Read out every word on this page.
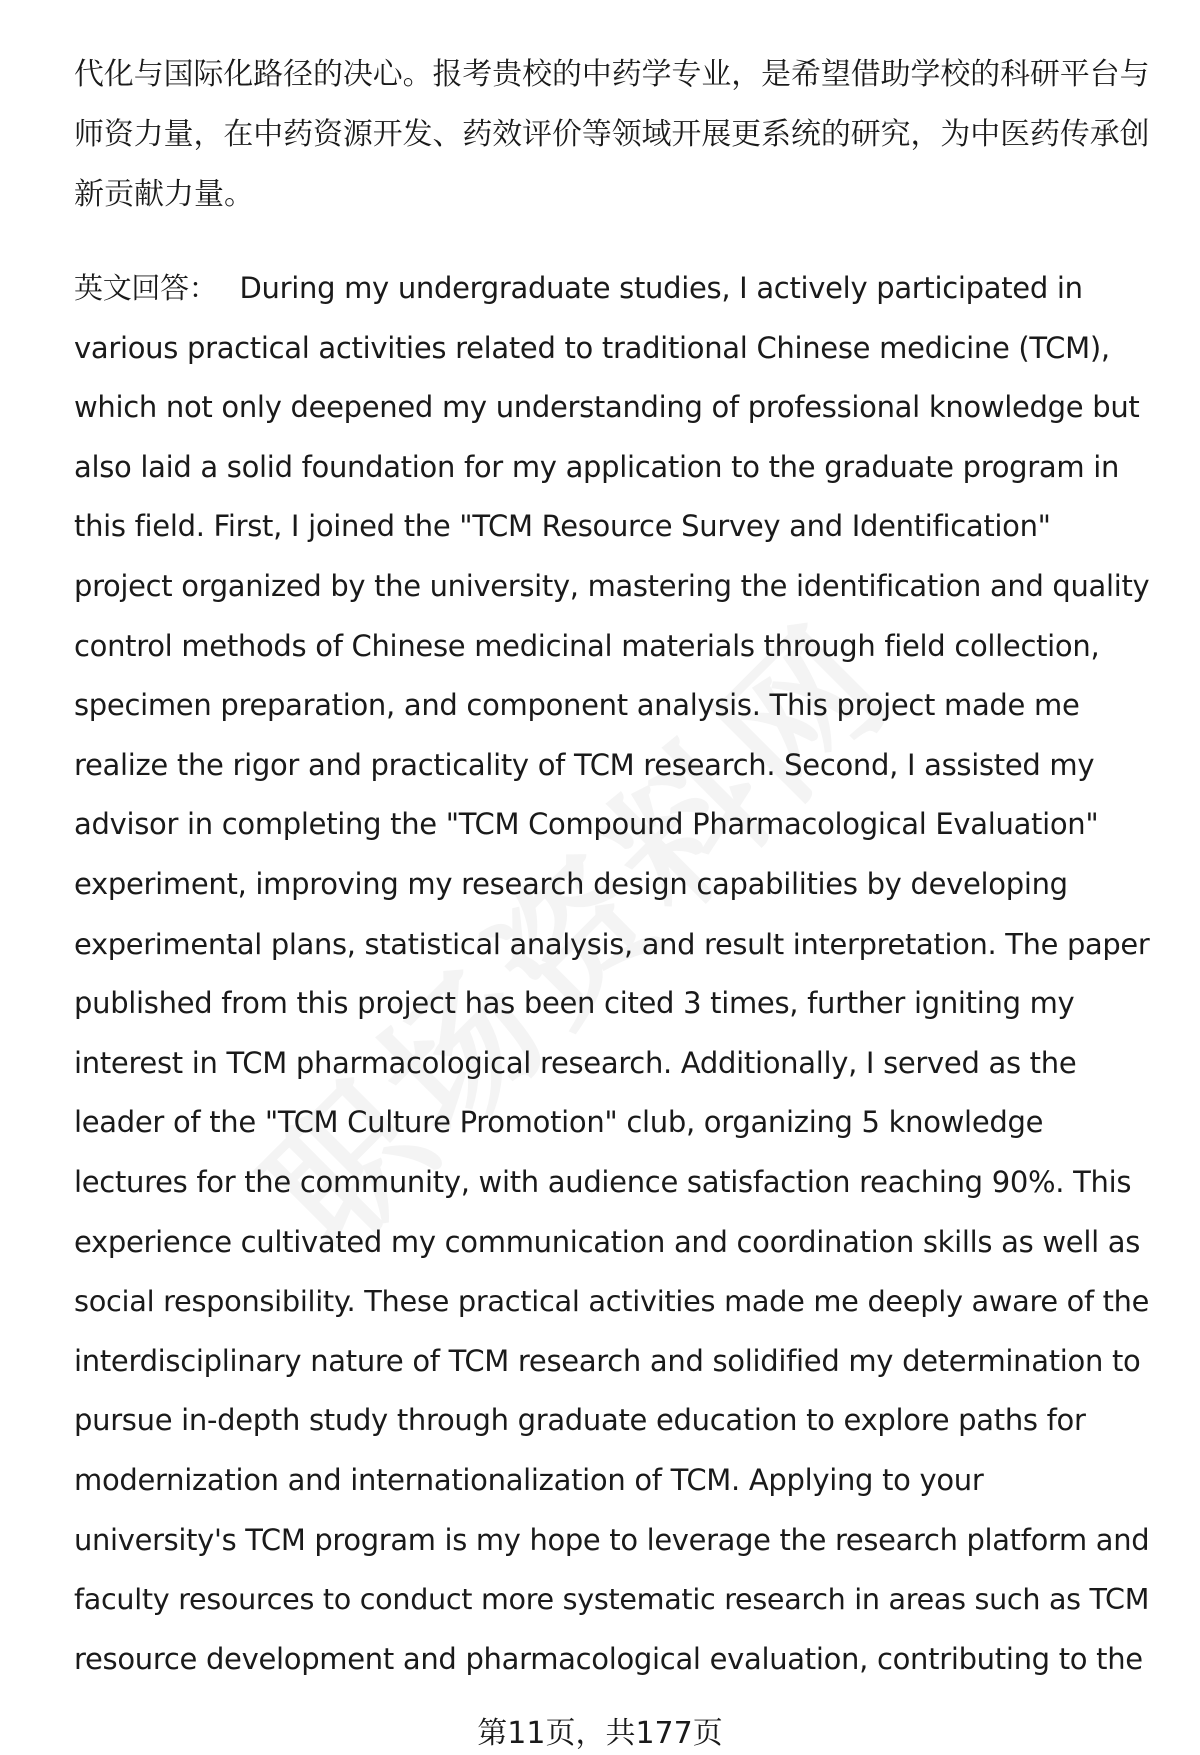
代化与国际化路径的决心。报考贵校的中药学专业，是希望借助学校的科研平台与
师资力量，在中药资源开发、药效评价等领域开展更系统的研究，为中医药传承创
新贡献力量。
英文回答： During my undergraduate studies, I actively participated in
various practical activities related to traditional Chinese medicine (TCM),
which not only deepened my understanding of professional knowledge but
also laid a solid foundation for my application to the graduate program in
this field. First, I joined the "TCM Resource Survey and Identification"
project organized by the university, mastering the identification and quality
control methods of Chinese medicinal materials through field collection,
specimen preparation, and component analysis. This project made me
realize the rigor and practicality of TCM research. Second, I assisted my
advisor in completing the "TCM Compound Pharmacological Evaluation"
experiment, improving my research design capabilities by developing
experimental plans, statistical analysis, and result interpretation. The paper
published from this project has been cited 3 times, further igniting my
interest in TCM pharmacological research. Additionally, I served as the
leader of the "TCM Culture Promotion" club, organizing 5 knowledge
lectures for the community, with audience satisfaction reaching 90%. This
experience cultivated my communication and coordination skills as well as
social responsibility. These practical activities made me deeply aware of the
interdisciplinary nature of TCM research and solidified my determination to
pursue in-depth study through graduate education to explore paths for
modernization and internationalization of TCM. Applying to your
university's TCM program is my hope to leverage the research platform and
faculty resources to conduct more systematic research in areas such as TCM
resource development and pharmacological evaluation, contributing to the
第11页，共177页
